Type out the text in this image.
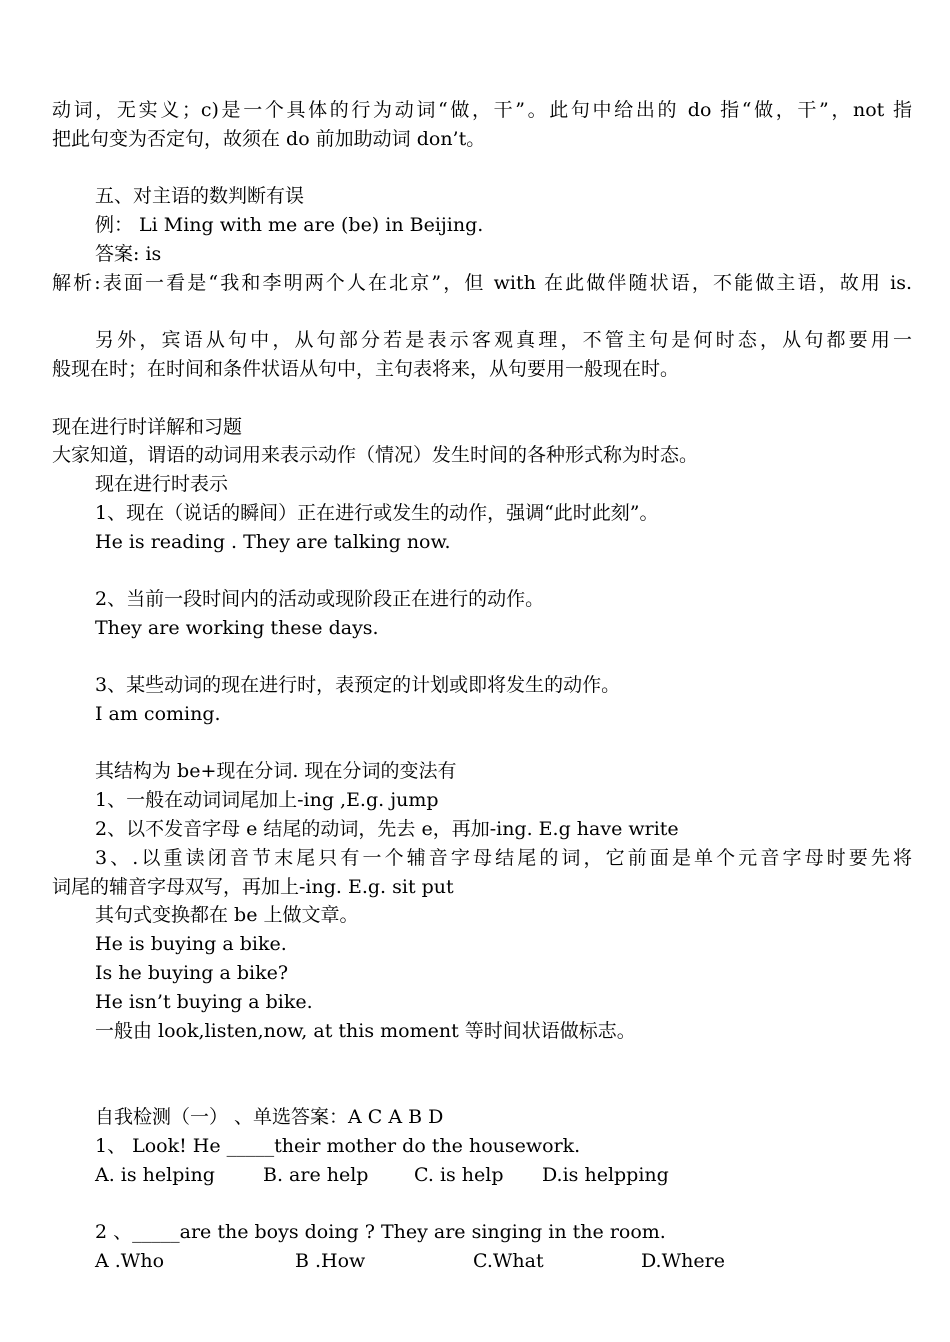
动词，无实义；c)是一个具体的行为动词“做，干”。此句中给出的 do 指“做，干”，not 指
把此句变为否定句，故须在 do 前加助动词 don’t。
五、对主语的数判断有误
例： Li Ming with me are (be) in Beijing.
答案: is
解析:表面一看是“我和李明两个人在北京”，但 with 在此做伴随状语，不能做主语，故用 is.
另外，宾语从句中，从句部分若是表示客观真理，不管主句是何时态，从句都要用一
般现在时；在时间和条件状语从句中，主句表将来，从句要用一般现在时。
现在进行时详解和习题
大家知道，谓语的动词用来表示动作（情况）发生时间的各种形式称为时态。
现在进行时表示
1、现在（说话的瞬间）正在进行或发生的动作，强调“此时此刻”。
He is reading . They are talking now.
2、当前一段时间内的活动或现阶段正在进行的动作。
They are working these days.
3、某些动词的现在进行时，表预定的计划或即将发生的动作。
I am coming.
其结构为 be+现在分词. 现在分词的变法有
1、一般在动词词尾加上-ing ,E.g. jump
2、以不发音字母 e 结尾的动词，先去 e，再加-ing. E.g have write
3、.以重读闭音节末尾只有一个辅音字母结尾的词，它前面是单个元音字母时要先将
词尾的辅音字母双写，再加上-ing. E.g. sit put
其句式变换都在 be 上做文章。
He is buying a bike.
Is he buying a bike?
He isn’t buying a bike.
一般由 look,listen,now, at this moment 等时间状语做标志。
自我检测（一） 、单选答案：A C A B D
1、 Look! He _____their mother do the housework.
A. is helping	B. are help C. is help D.is helpping
2 、_____are the boys doing ? They are singing in the room.
A .Who	B .How	C.What	D.Where
